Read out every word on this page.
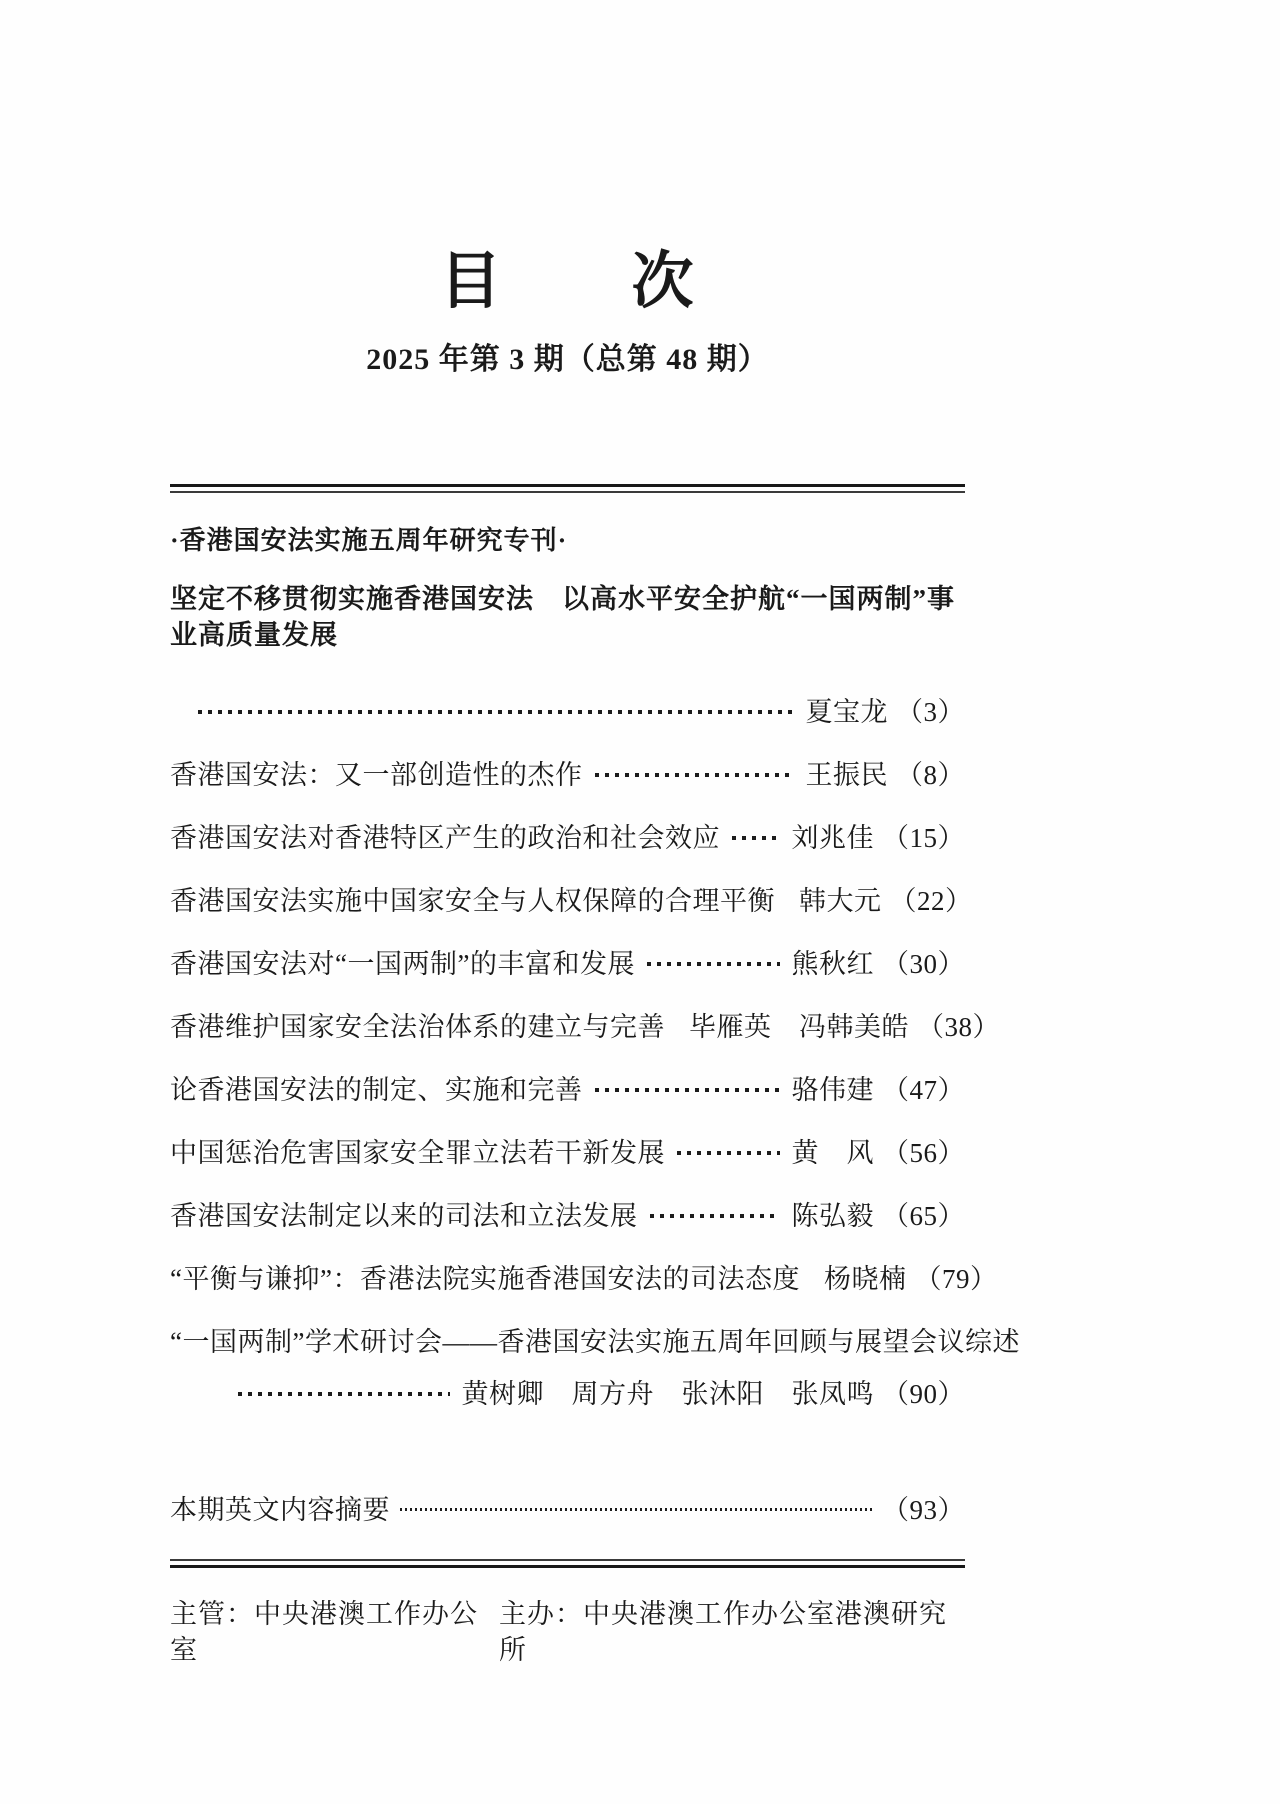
目　　次
2025 年第 3 期（总第 48 期）
·香港国安法实施五周年研究专刊·
坚定不移贯彻实施香港国安法　以高水平安全护航“一国两制”事业高质量发展
夏宝龙 （3）
香港国安法：又一部创造性的杰作	王振民 （8）
香港国安法对香港特区产生的政治和社会效应	刘兆佳 （15）
香港国安法实施中国家安全与人权保障的合理平衡 韩大元 （22）
香港国安法对“一国两制”的丰富和发展	熊秋红 （30）
香港维护国家安全法治体系的建立与完善 毕雁英　冯韩美皓 （38）
论香港国安法的制定、实施和完善	骆伟建 （47）
中国惩治危害国家安全罪立法若干新发展	黄　风 （56）
香港国安法制定以来的司法和立法发展	陈弘毅 （65）
“平衡与谦抑”：香港法院实施香港国安法的司法态度 杨晓楠 （79）
“一国两制”学术研讨会——香港国安法实施五周年回顾与展望会议综述
黄树卿　周方舟　张沐阳　张凤鸣 （90）
本期英文内容摘要	（93）
主管：中央港澳工作办公室
主办：中央港澳工作办公室港澳研究所
